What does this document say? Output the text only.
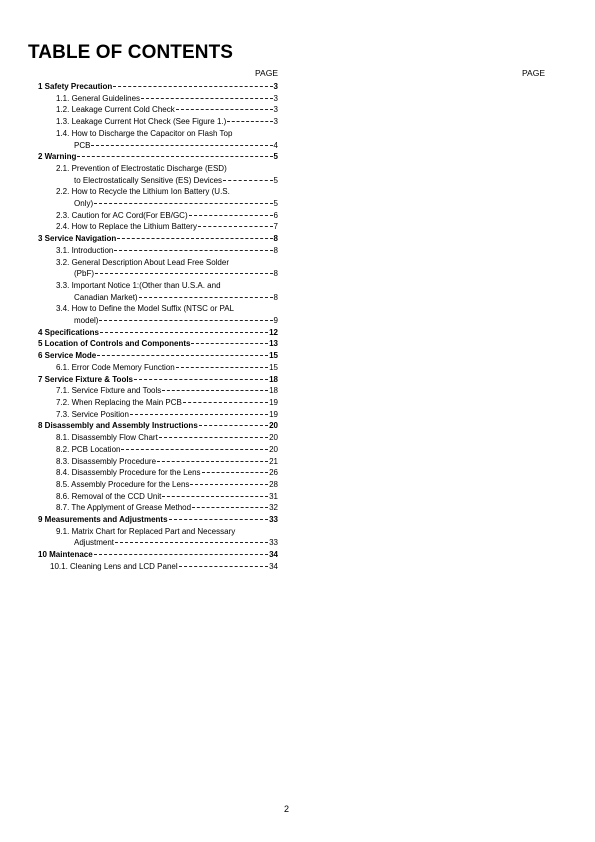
TABLE OF CONTENTS
PAGE	PAGE
1 Safety Precaution	3
1.1. General Guidelines	3
1.2. Leakage Current Cold Check	3
1.3. Leakage Current Hot Check (See Figure 1.)	3
1.4. How to Discharge the Capacitor on Flash Top
PCB	4
2 Warning	5
2.1. Prevention of Electrostatic Discharge (ESD)
to Electrostatically Sensitive (ES) Devices	5
2.2. How to Recycle the Lithium Ion Battery (U.S.
Only)	5
2.3. Caution for AC Cord(For EB/GC)	6
2.4. How to Replace the Lithium Battery	7
3 Service Navigation	8
3.1. Introduction	8
3.2. General Description About Lead Free Solder
(PbF)	8
3.3. Important Notice 1:(Other than U.S.A. and
Canadian Market)	8
3.4. How to Define the Model Suffix (NTSC or PAL
model)	9
4 Specifications	12
5 Location of Controls and Components	13
6 Service Mode	15
6.1. Error Code Memory Function	15
7 Service Fixture & Tools	18
7.1. Service Fixture and Tools	18
7.2. When Replacing the Main PCB	19
7.3. Service Position	19
8 Disassembly and Assembly Instructions	20
8.1. Disassembly Flow Chart	20
8.2. PCB Location	20
8.3. Disassembly Procedure	21
8.4. Disassembly Procedure for the Lens	26
8.5. Assembly Procedure for the Lens	28
8.6. Removal of the CCD Unit	31
8.7. The Applyment of Grease Method	32
9 Measurements and Adjustments	33
9.1. Matrix Chart for Replaced Part and Necessary
Adjustment	33
10 Maintenace	34
10.1. Cleaning Lens and LCD Panel	34
2
